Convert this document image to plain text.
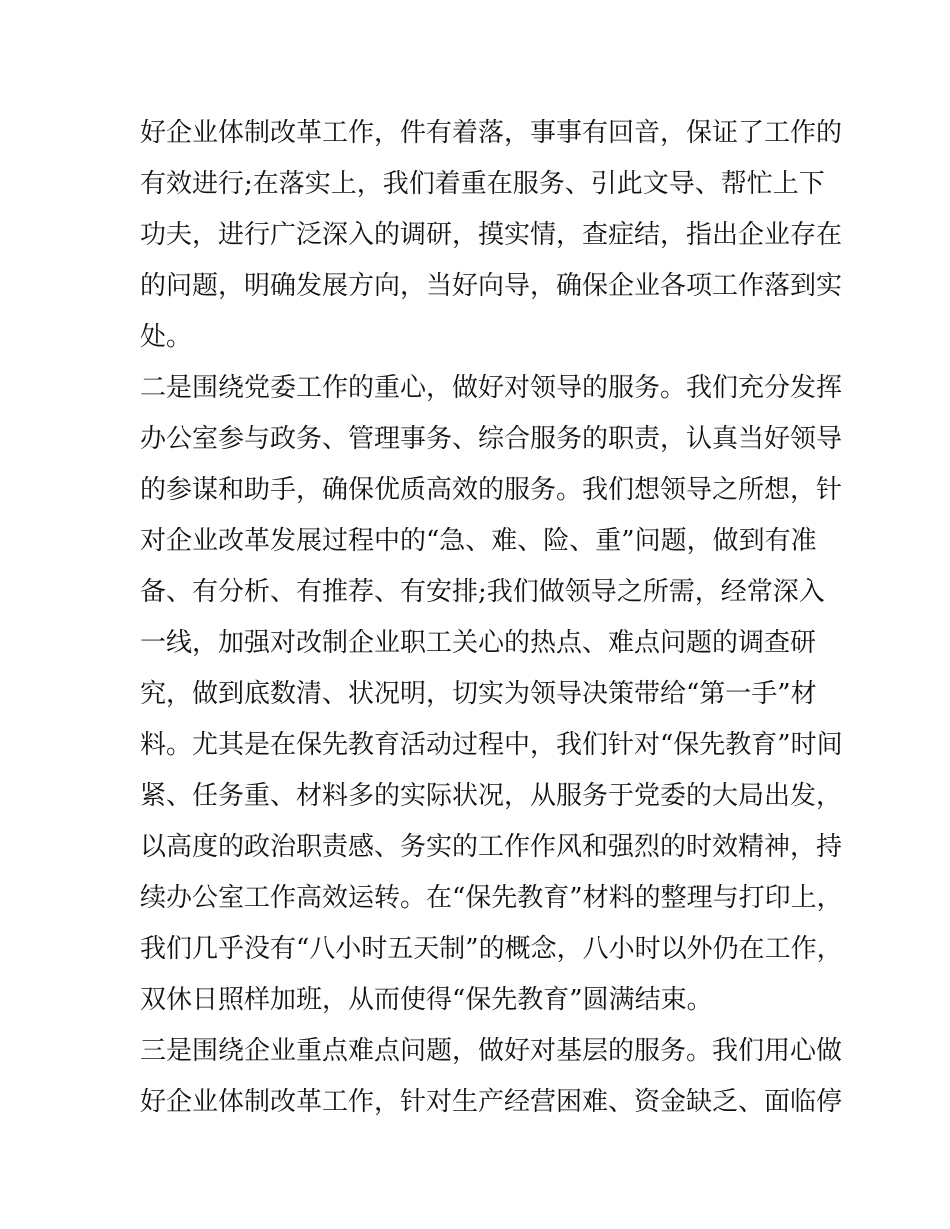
好企业体制改革工作，件有着落，事事有回音，保证了工作的
有效进行;在落实上，我们着重在服务、引此文导、帮忙上下
功夫，进行广泛深入的调研，摸实情，查症结，指出企业存在
的问题，明确发展方向，当好向导，确保企业各项工作落到实
处。
二是围绕党委工作的重心，做好对领导的服务。我们充分发挥
办公室参与政务、管理事务、综合服务的职责，认真当好领导
的参谋和助手，确保优质高效的服务。我们想领导之所想，针
对企业改革发展过程中的“急、难、险、重”问题，做到有准
备、有分析、有推荐、有安排;我们做领导之所需，经常深入
一线，加强对改制企业职工关心的热点、难点问题的调查研
究，做到底数清、状况明，切实为领导决策带给“第一手”材
料。尤其是在保先教育活动过程中，我们针对“保先教育”时间
紧、任务重、材料多的实际状况，从服务于党委的大局出发，
以高度的政治职责感、务实的工作作风和强烈的时效精神，持
续办公室工作高效运转。在“保先教育”材料的整理与打印上，
我们几乎没有“八小时五天制”的概念，八小时以外仍在工作，
双休日照样加班，从而使得“保先教育”圆满结束。
三是围绕企业重点难点问题，做好对基层的服务。我们用心做
好企业体制改革工作，针对生产经营困难、资金缺乏、面临停
